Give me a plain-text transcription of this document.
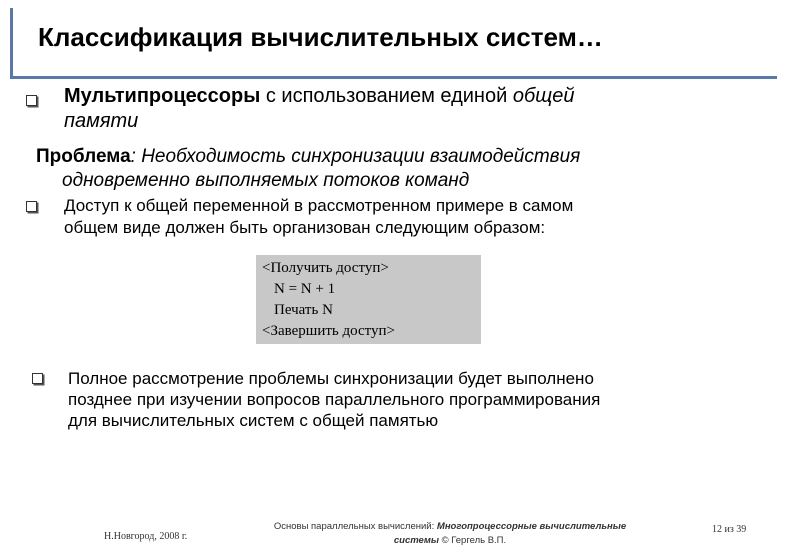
Классификация вычислительных систем…
Мультипроцессоры с использованием единой общей
памяти
Проблема: Необходимость синхронизации взаимодействия
одновременно выполняемых потоков команд
Доступ к общей переменной в рассмотренном примере в самом
общем виде должен быть организован следующим образом:
<Получить доступ>
N = N + 1
Печать N
<Завершить доступ>
Полное рассмотрение проблемы синхронизации будет выполнено
позднее при изучении вопросов параллельного программирования
для вычислительных систем с общей памятью
Н.Новгород, 2008 г.
Основы параллельных вычислений: Многопроцессорные вычислительные
системы © Гергель В.П.
12 из 39
